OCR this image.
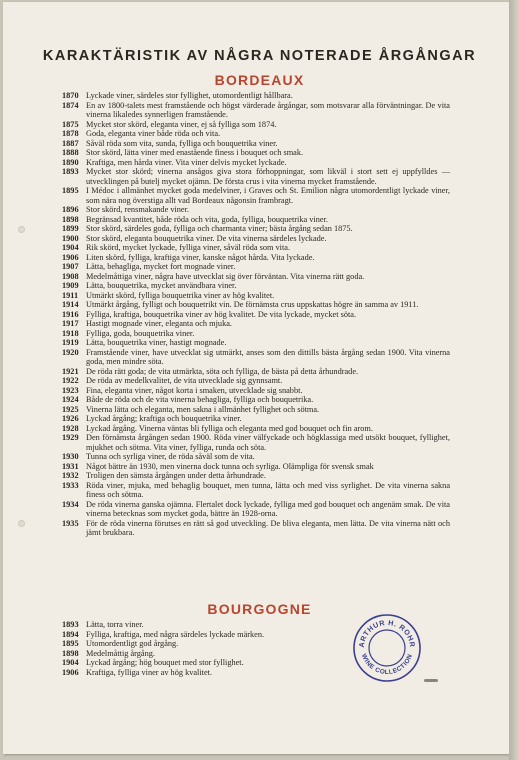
KARAKTÄRISTIK AV NÅGRA NOTERADE ÅRGÅNGAR
BORDEAUX
1870 Lyckade viner, särdeles stor fyllighet, utomordentligt hållbara.
1874 En av 1800-talets mest framstående och högst värderade årgångar, som motsvarar alla förväntningar. De vita vinerna likaledes synnerligen framstående.
1875 Mycket stor skörd, eleganta viner, ej så fylliga som 1874.
1878 Goda, eleganta viner både röda och vita.
1887 Såväl röda som vita, sunda, fylliga och bouquetrika viner.
1888 Stor skörd, lätta viner med enastående finess i bouquet och smak.
1890 Kraftiga, men hårda viner. Vita viner delvis mycket lyckade.
1893 Mycket stor skörd; vinerna ansågos giva stora förhoppningar, som likväl i stort sett ej uppfylldes — utvecklingen på butelj mycket ojämn. De första crus i vita vinerna mycket framstående.
1895 I Médoc i allmänhet mycket goda medelviner, i Graves och St. Emilion några utomordentligt lyckade viner, som nära nog överstiga allt vad Bordeaux någonsin frambragt.
1896 Stor skörd, rensmakande viner.
1898 Begränsad kvantitet, både röda och vita, goda, fylliga, bouquetrika viner.
1899 Stor skörd, särdeles goda, fylliga och charmanta viner; bästa årgång sedan 1875.
1900 Stor skörd, eleganta bouquetrika viner. De vita vinerna särdeles lyckade.
1904 Rik skörd, mycket lyckade, fylliga viner, såväl röda som vita.
1906 Liten skörd, fylliga, kraftiga viner, kanske något hårda. Vita lyckade.
1907 Lätta, behagliga, mycket fort mognade viner.
1908 Medelmåttiga viner, några have utvecklat sig över förväntan. Vita vinerna rätt goda.
1909 Lätta, bouquetrika, mycket användbara viner.
1911 Utmärkt skörd, fylliga bouquetrika viner av hög kvalitet.
1914 Utmärkt årgång, fylligt och bouquetrikt vin. De förnämsta crus uppskattas högre än samma av 1911.
1916 Fylliga, kraftiga, bouquetrika viner av hög kvalitet. De vita lyckade, mycket söta.
1917 Hastigt mognade viner, eleganta och mjuka.
1918 Fylliga, goda, bouquetrika viner.
1919 Lätta, bouquetrika viner, hastigt mognade.
1920 Framstående viner, have utvecklat sig utmärkt, anses som den dittills bästa årgång sedan 1900. Vita vinerna goda, men mindre söta.
1921 De röda rätt goda; de vita utmärkta, söta och fylliga, de bästa på detta århundrade.
1922 De röda av medelkvalitet, de vita utvecklade sig gynnsamt.
1923 Fina, eleganta viner, något korta i smaken, utvecklade sig snabbt.
1924 Både de röda och de vita vinerna behagliga, fylliga och bouquetrika.
1925 Vinerna lätta och eleganta, men sakna i allmänhet fyllighet och sötma.
1926 Lyckad årgång; kraftiga och bouquetrika viner.
1928 Lyckad årgång. Vinerna väntas bli fylliga och eleganta med god bouquet och fin arom.
1929 Den förnämsta årgången sedan 1900. Röda viner välfyckade och högklassiga med utsökt bouquet, fyllighet, mjukhet och sötma. Vita viner, fylliga, runda och söta.
1930 Tunna och syrliga viner, de röda såväl som de vita.
1931 Något bättre än 1930, men vinerna dock tunna och syrliga. Olämpliga för svensk smak
1932 Troligen den sämsta årgången under detta århundrade.
1933 Röda viner, mjuka, med behaglig bouquet, men tunna, lätta och med viss syrlighet. De vita vinerna sakna finess och sötma.
1934 De röda vinerna ganska ojämna. Flertalet dock lyckade, fylliga med god bouquet och angenäm smak. De vita vinerna betecknas som mycket goda, bättre än 1928-orna.
1935 För de röda vinerna förutses en rätt så god utveckling. De bliva eleganta, men lätta. De vita vinerna nätt och jämt brukbara.
BOURGOGNE
1893 Lätta, torra viner.
1894 Fylliga, kraftiga, med några särdeles lyckade märken.
1895 Utomordentligt god årgång.
1898 Medelmåttig årgång.
1904 Lyckad årgång; hög bouquet med stor fyllighet.
1906 Kraftiga, fylliga viner av hög kvalitet.
ARTHUR H. ROHR
WINE COLLECTION
